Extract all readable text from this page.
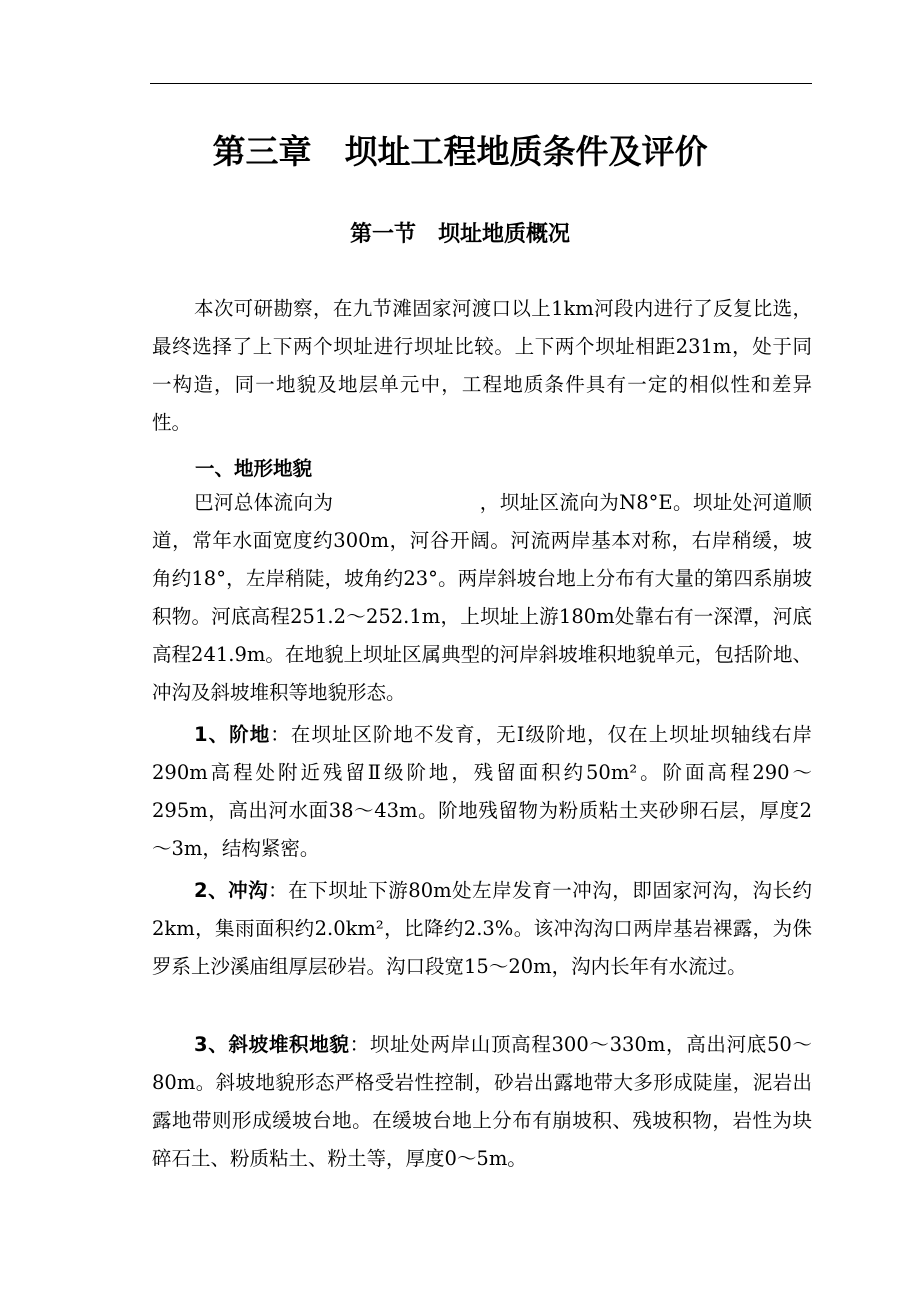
第三章　坝址工程地质条件及评价
第一节　坝址地质概况

本次可研勘察，在九节滩固家河渡口以上1km河段内进行了反复比选，最终选择了上下两个坝址进行坝址比较。上下两个坝址相距231m，处于同一构造，同一地貌及地层单元中，工程地质条件具有一定的相似性和差异性。

一、地形地貌

巴河总体流向为	，坝址区流向为N8°E。坝址处河道顺道，常年水面宽度约300m，河谷开阔。河流两岸基本对称，右岸稍缓，坡角约18°，左岸稍陡，坡角约23°。两岸斜坡台地上分布有大量的第四系崩坡积物。河底高程251.2～252.1m，上坝址上游180m处靠右有一深潭，河底高程241.9m。在地貌上坝址区属典型的河岸斜坡堆积地貌单元，包括阶地、冲沟及斜坡堆积等地貌形态。

1、阶地：在坝址区阶地不发育，无Ⅰ级阶地，仅在上坝址坝轴线右岸290m高程处附近残留Ⅱ级阶地，残留面积约50m²。阶面高程290～295m，高出河水面38～43m。阶地残留物为粉质粘土夹砂卵石层，厚度2～3m，结构紧密。

2、冲沟：在下坝址下游80m处左岸发育一冲沟，即固家河沟，沟长约2km，集雨面积约2.0km²，比降约2.3%。该冲沟沟口两岸基岩裸露，为侏罗系上沙溪庙组厚层砂岩。沟口段宽15～20m，沟内长年有水流过。

3、斜坡堆积地貌：坝址处两岸山顶高程300～330m，高出河底50～80m。斜坡地貌形态严格受岩性控制，砂岩出露地带大多形成陡崖，泥岩出露地带则形成缓坡台地。在缓坡台地上分布有崩坡积、残坡积物，岩性为块碎石土、粉质粘土、粉土等，厚度0～5m。
